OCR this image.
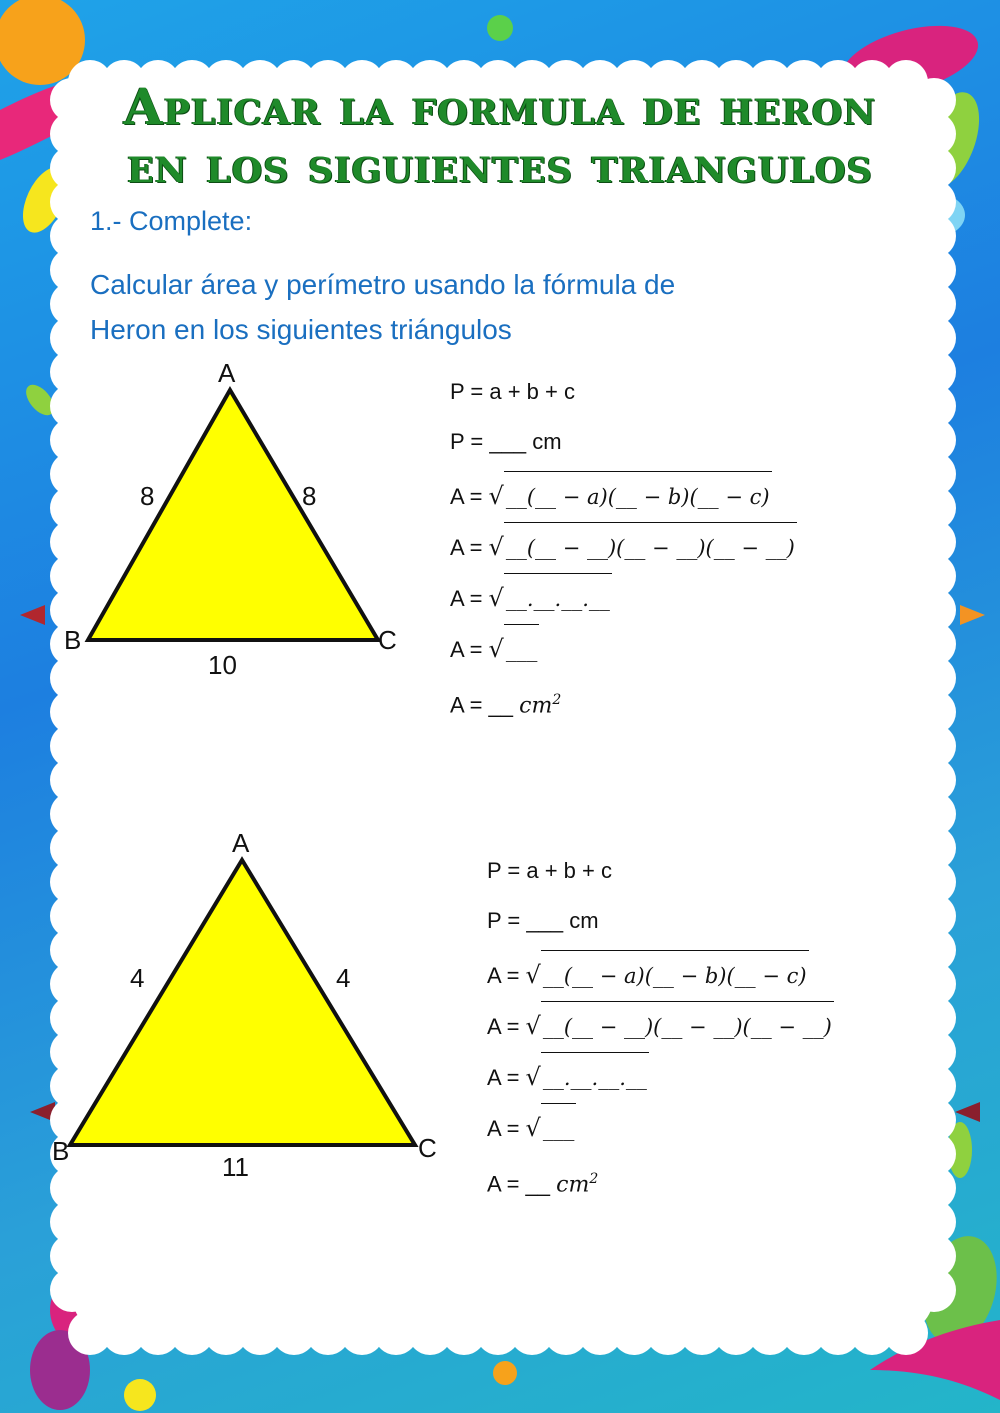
Aplicar la formula de heron
en los siguientes triangulos
1.- Complete:
Calcular área y perímetro usando la fórmula de
Heron en los siguientes triángulos
A
B	C
8	8
10
P = a + b + c
P = ___ cm
A = √__(__ − a)(__ − b)(__ − c)
A = √__(__ − __)(__ − __)(__ − __)
A = √__.__.__.__
A = √___
A = __ $cm^2$
A
B	C
4	4
11
P = a + b + c
P = ___ cm
A = √__(__ − a)(__ − b)(__ − c)
A = √__(__ − __)(__ − __)(__ − __)
A = √__.__.__.__
A = √___
A = __ $cm^2$
